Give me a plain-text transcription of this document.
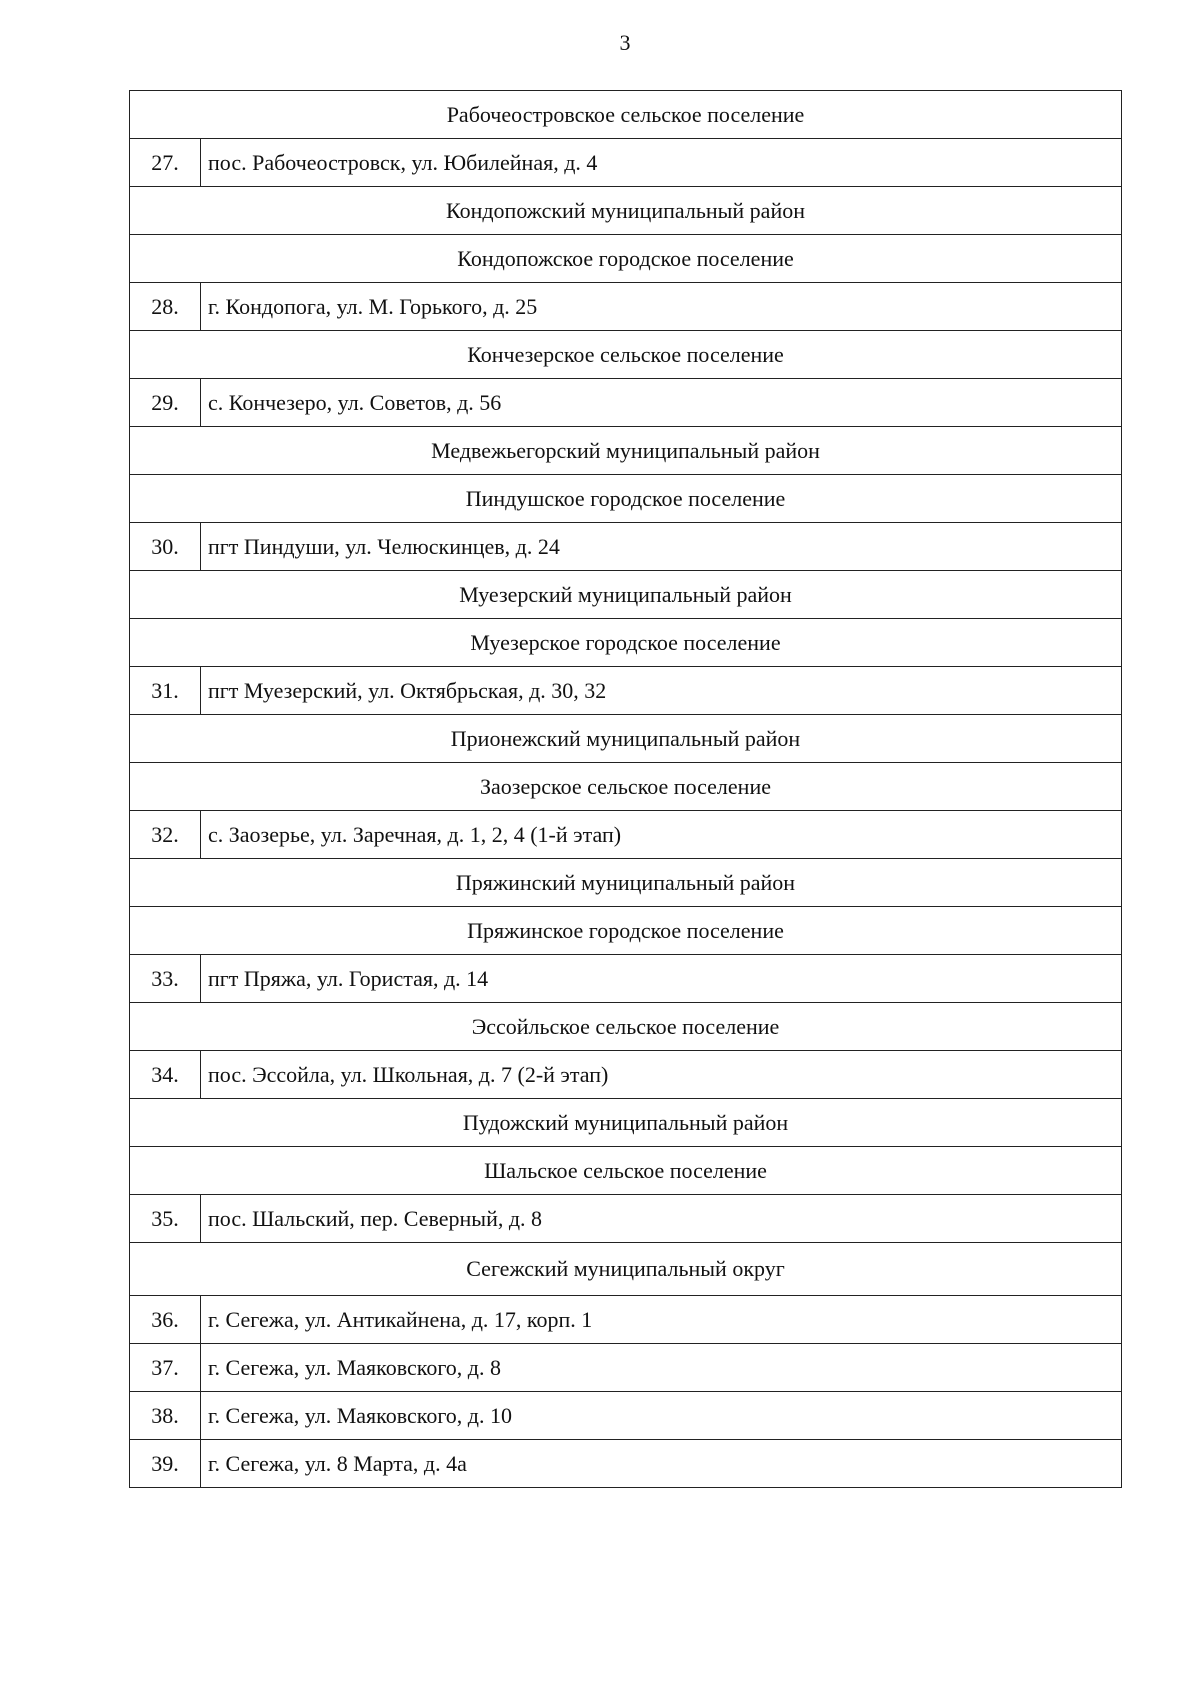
3
Рабочеостровское сельское поселение	
27.	пос. Рабочеостровск, ул. Юбилейная, д. 4
Кондопожский муниципальный район	
Кондопожское городское поселение	
28.	г. Кондопога, ул. М. Горького, д. 25
Кончезерское сельское поселение	
29.	с. Кончезеро, ул. Советов, д. 56
Медвежьегорский муниципальный район	
Пиндушское городское поселение	
30.	пгт Пиндуши, ул. Челюскинцев, д. 24
Муезерский муниципальный район	
Муезерское городское поселение	
31.	пгт Муезерский, ул. Октябрьская, д. 30, 32
Прионежский муниципальный район	
Заозерское сельское поселение	
32.	с. Заозерье, ул. Заречная, д. 1, 2, 4 (1-й этап)
Пряжинский муниципальный район	
Пряжинское городское поселение	
33.	пгт Пряжа, ул. Гористая, д. 14
Эссойльское сельское поселение	
34.	пос. Эссойла, ул. Школьная, д. 7 (2-й этап)
Пудожский муниципальный район	
Шальское сельское поселение	
35.	пос. Шальский, пер. Северный, д. 8
Сегежский муниципальный округ	
36.	г. Сегежа, ул. Антикайнена, д. 17, корп. 1
37.	г. Сегежа, ул. Маяковского, д. 8
38.	г. Сегежа, ул. Маяковского, д. 10
39.	г. Сегежа, ул. 8 Марта, д. 4а
